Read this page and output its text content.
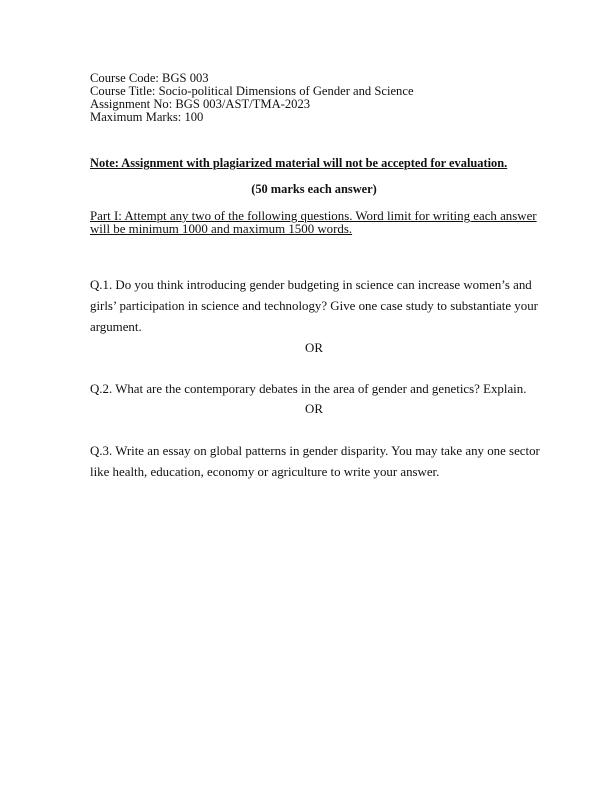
Course Code: BGS 003
Course Title: Socio-political Dimensions of Gender and Science
Assignment No: BGS 003/AST/TMA-2023
Maximum Marks: 100
Note: Assignment with plagiarized material will not be accepted for evaluation.
(50 marks each answer)
Part I: Attempt any two of the following questions. Word limit for writing each answer
will be minimum 1000 and maximum 1500 words.
Q.1. Do you think introducing gender budgeting in science can increase women’s and
girls’ participation in science and technology? Give one case study to substantiate your
argument.
OR
Q.2. What are the contemporary debates in the area of gender and genetics? Explain.
OR
Q.3. Write an essay on global patterns in gender disparity. You may take any one sector
like health, education, economy or agriculture to write your answer.
